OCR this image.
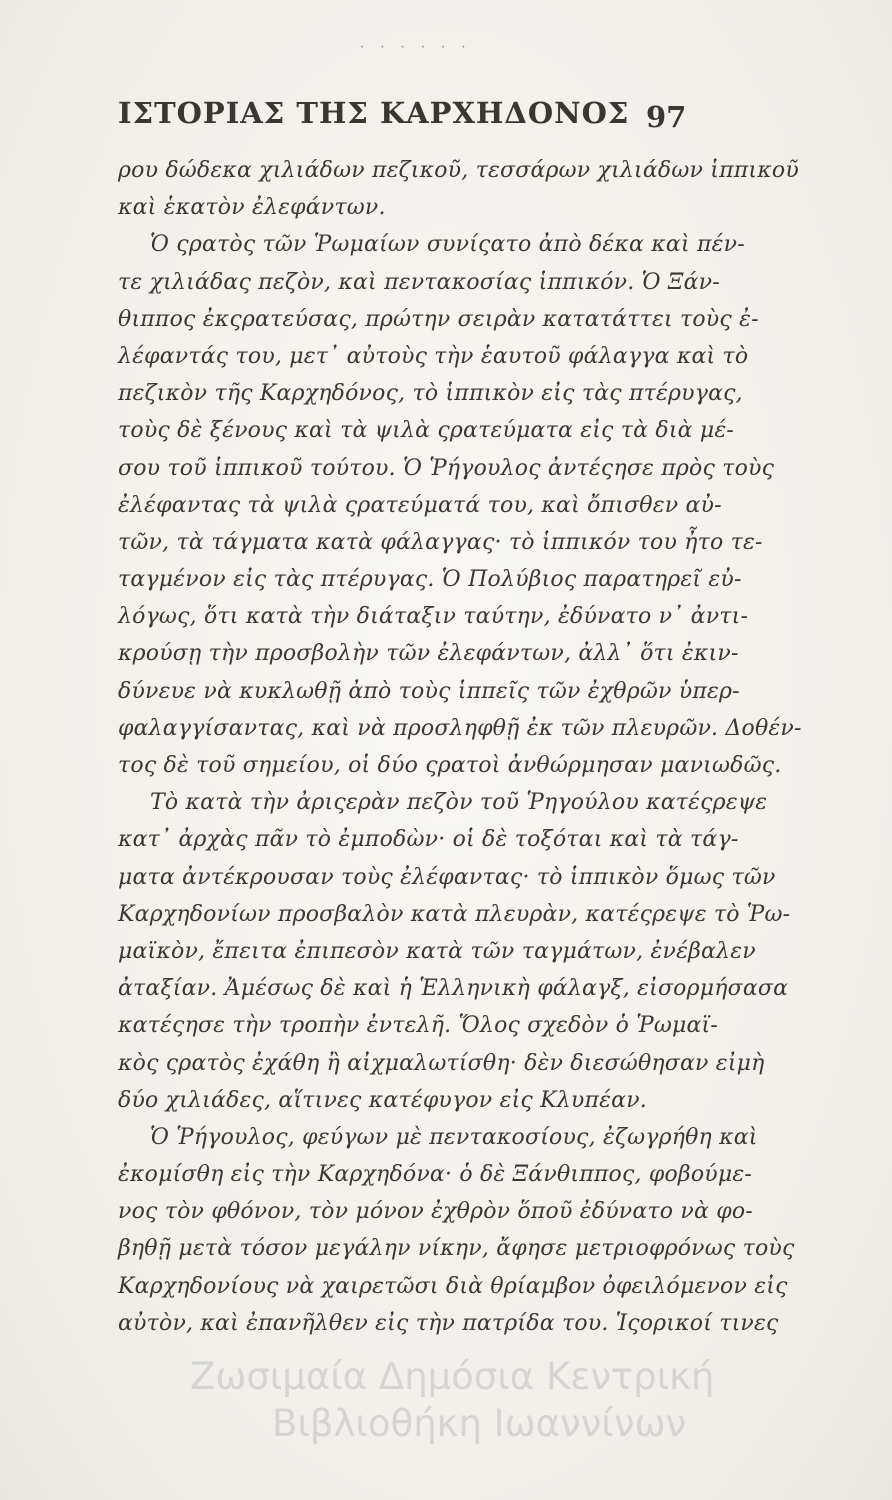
· · · · · ·
ΙΣΤΟΡΙΑΣ ΤΗΣ ΚΑΡΧΗΔΟΝΟΣ 97
ρου δώδεκα χιλιάδων πεζικοῦ, τεσσάρων χιλιάδων ἱππικοῦ
καὶ ἑκατὸν ἐλεφάντων.
Ὁ ςρατὸς τῶν Ῥωμαίων συνίςατο ἀπὸ δέκα καὶ πέν-
τε χιλιάδας πεζὸν, καὶ πεντακοσίας ἱππικόν. Ὁ Ξάν-
θιππος ἐκςρατεύσας, πρώτην σειρὰν κατατάττει τοὺς ἐ-
λέφαντάς του, μετ᾽ αὐτοὺς τὴν ἑαυτοῦ φάλαγγα καὶ τὸ
πεζικὸν τῆς Καρχηδόνος, τὸ ἱππικὸν εἰς τὰς πτέρυγας,
τοὺς δὲ ξένους καὶ τὰ ψιλὰ ςρατεύματα εἰς τὰ διὰ μέ-
σου τοῦ ἱππικοῦ τούτου. Ὁ Ῥήγουλος ἀντέςησε πρὸς τοὺς
ἐλέφαντας τὰ ψιλὰ ςρατεύματά του, καὶ ὄπισθεν αὐ-
τῶν, τὰ τάγματα κατὰ φάλαγγας· τὸ ἱππικόν του ἦτο τε-
ταγμένον εἰς τὰς πτέρυγας. Ὁ Πολύβιος παρατηρεῖ εὐ-
λόγως, ὅτι κατὰ τὴν διάταξιν ταύτην, ἐδύνατο ν᾽ ἀντι-
κρούσῃ τὴν προσβολὴν τῶν ἐλεφάντων, ἀλλ᾽ ὅτι ἐκιν-
δύνευε νὰ κυκλωθῇ ἀπὸ τοὺς ἱππεῖς τῶν ἐχθρῶν ὑπερ-
φαλαγγίσαντας, καὶ νὰ προσληφθῇ ἐκ τῶν πλευρῶν. Δοθέν-
τος δὲ τοῦ σημείου, οἱ δύο ςρατοὶ ἀνθώρμησαν μανιωδῶς.
Τὸ κατὰ τὴν ἀριςερὰν πεζὸν τοῦ Ῥηγούλου κατέςρεψε
κατ᾽ ἀρχὰς πᾶν τὸ ἐμποδὼν· οἱ δὲ τοξόται καὶ τὰ τάγ-
ματα ἀντέκρουσαν τοὺς ἐλέφαντας· τὸ ἱππικὸν ὅμως τῶν
Καρχηδονίων προσβαλὸν κατὰ πλευρὰν, κατέςρεψε τὸ Ῥω-
μαϊκὸν, ἔπειτα ἐπιπεσὸν κατὰ τῶν ταγμάτων, ἐνέβαλεν
ἀταξίαν. Ἀμέσως δὲ καὶ ἡ Ἑλληνικὴ φάλαγξ, εἰσορμήσασα
κατέςησε τὴν τροπὴν ἐντελῆ. Ὅλος σχεδὸν ὁ Ῥωμαϊ-
κὸς ςρατὸς ἐχάθη ἢ αἰχμαλωτίσθη· δὲν διεσώθησαν εἰμὴ
δύο χιλιάδες, αἵτινες κατέφυγον εἰς Κλυπέαν.
Ὁ Ῥήγουλος, φεύγων μὲ πεντακοσίους, ἐζωγρήθη καὶ
ἐκομίσθη εἰς τὴν Καρχηδόνα· ὁ δὲ Ξάνθιππος, φοβούμε-
νος τὸν φθόνον, τὸν μόνον ἐχθρὸν ὅποῦ ἐδύνατο νὰ φο-
βηθῇ μετὰ τόσον μεγάλην νίκην, ἄφησε μετριοφρόνως τοὺς
Καρχηδονίους νὰ χαιρετῶσι διὰ θρίαμβον ὀφειλόμενον εἰς
αὐτὸν, καὶ ἐπανῆλθεν εἰς τὴν πατρίδα του. Ἱςορικοί τινες
Ζωσιμαία Δημόσια Κεντρική
Βιβλιοθήκη Ιωαννίνων
